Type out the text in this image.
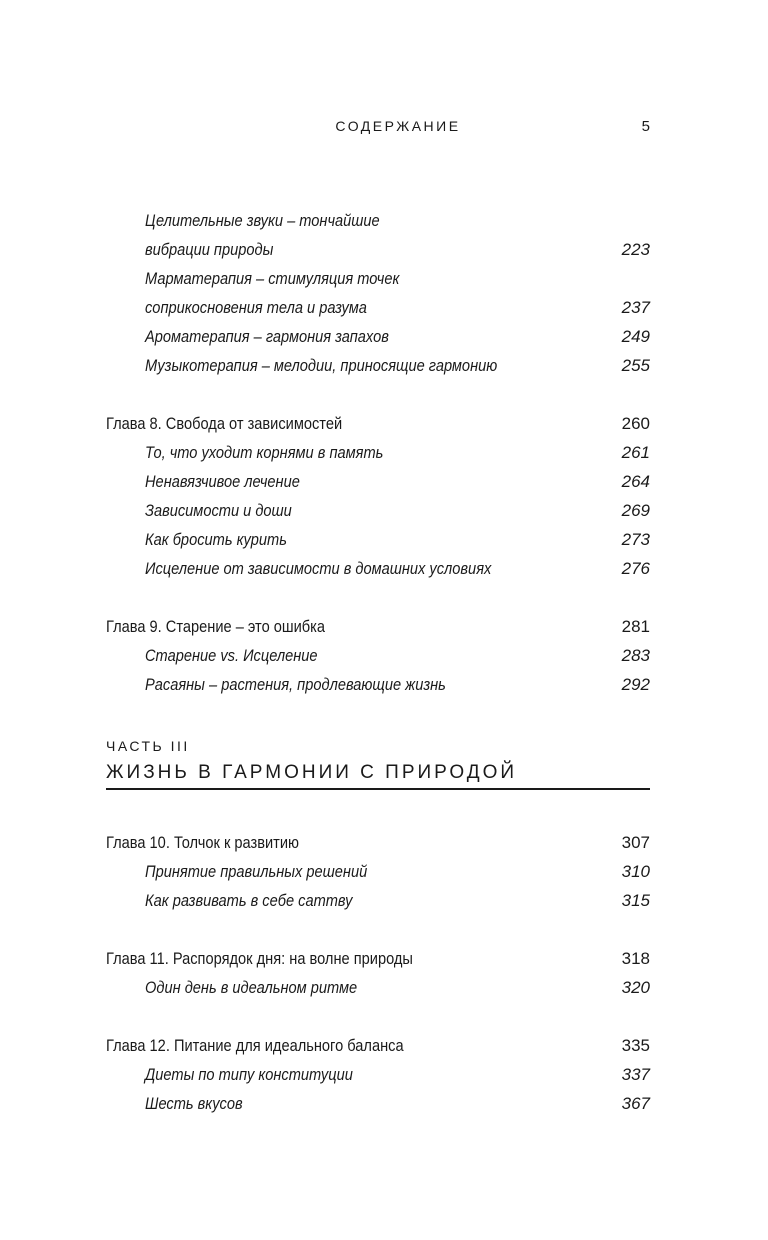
СОДЕРЖАНИЕ	5
Целительные звуки – тончайшие
вибрации природы	223
Марматерапия – стимуляция точек
соприкосновения тела и разума	237
Ароматерапия – гармония запахов	249
Музыкотерапия – мелодии, приносящие гармонию	255
Глава 8. Свобода от зависимостей	260
То, что уходит корнями в память	261
Ненавязчивое лечение	264
Зависимости и доши	269
Как бросить курить	273
Исцеление от зависимости в домашних условиях	276
Глава 9. Старение – это ошибка	281
Старение vs. Исцеление	283
Расаяны – растения, продлевающие жизнь	292
ЧАСТЬ III
ЖИЗНЬ В ГАРМОНИИ С ПРИРОДОЙ
Глава 10. Толчок к развитию	307
Принятие правильных решений	310
Как развивать в себе саттву	315
Глава 11. Распорядок дня: на волне природы	318
Один день в идеальном ритме	320
Глава 12. Питание для идеального баланса	335
Диеты по типу конституции	337
Шесть вкусов	367
